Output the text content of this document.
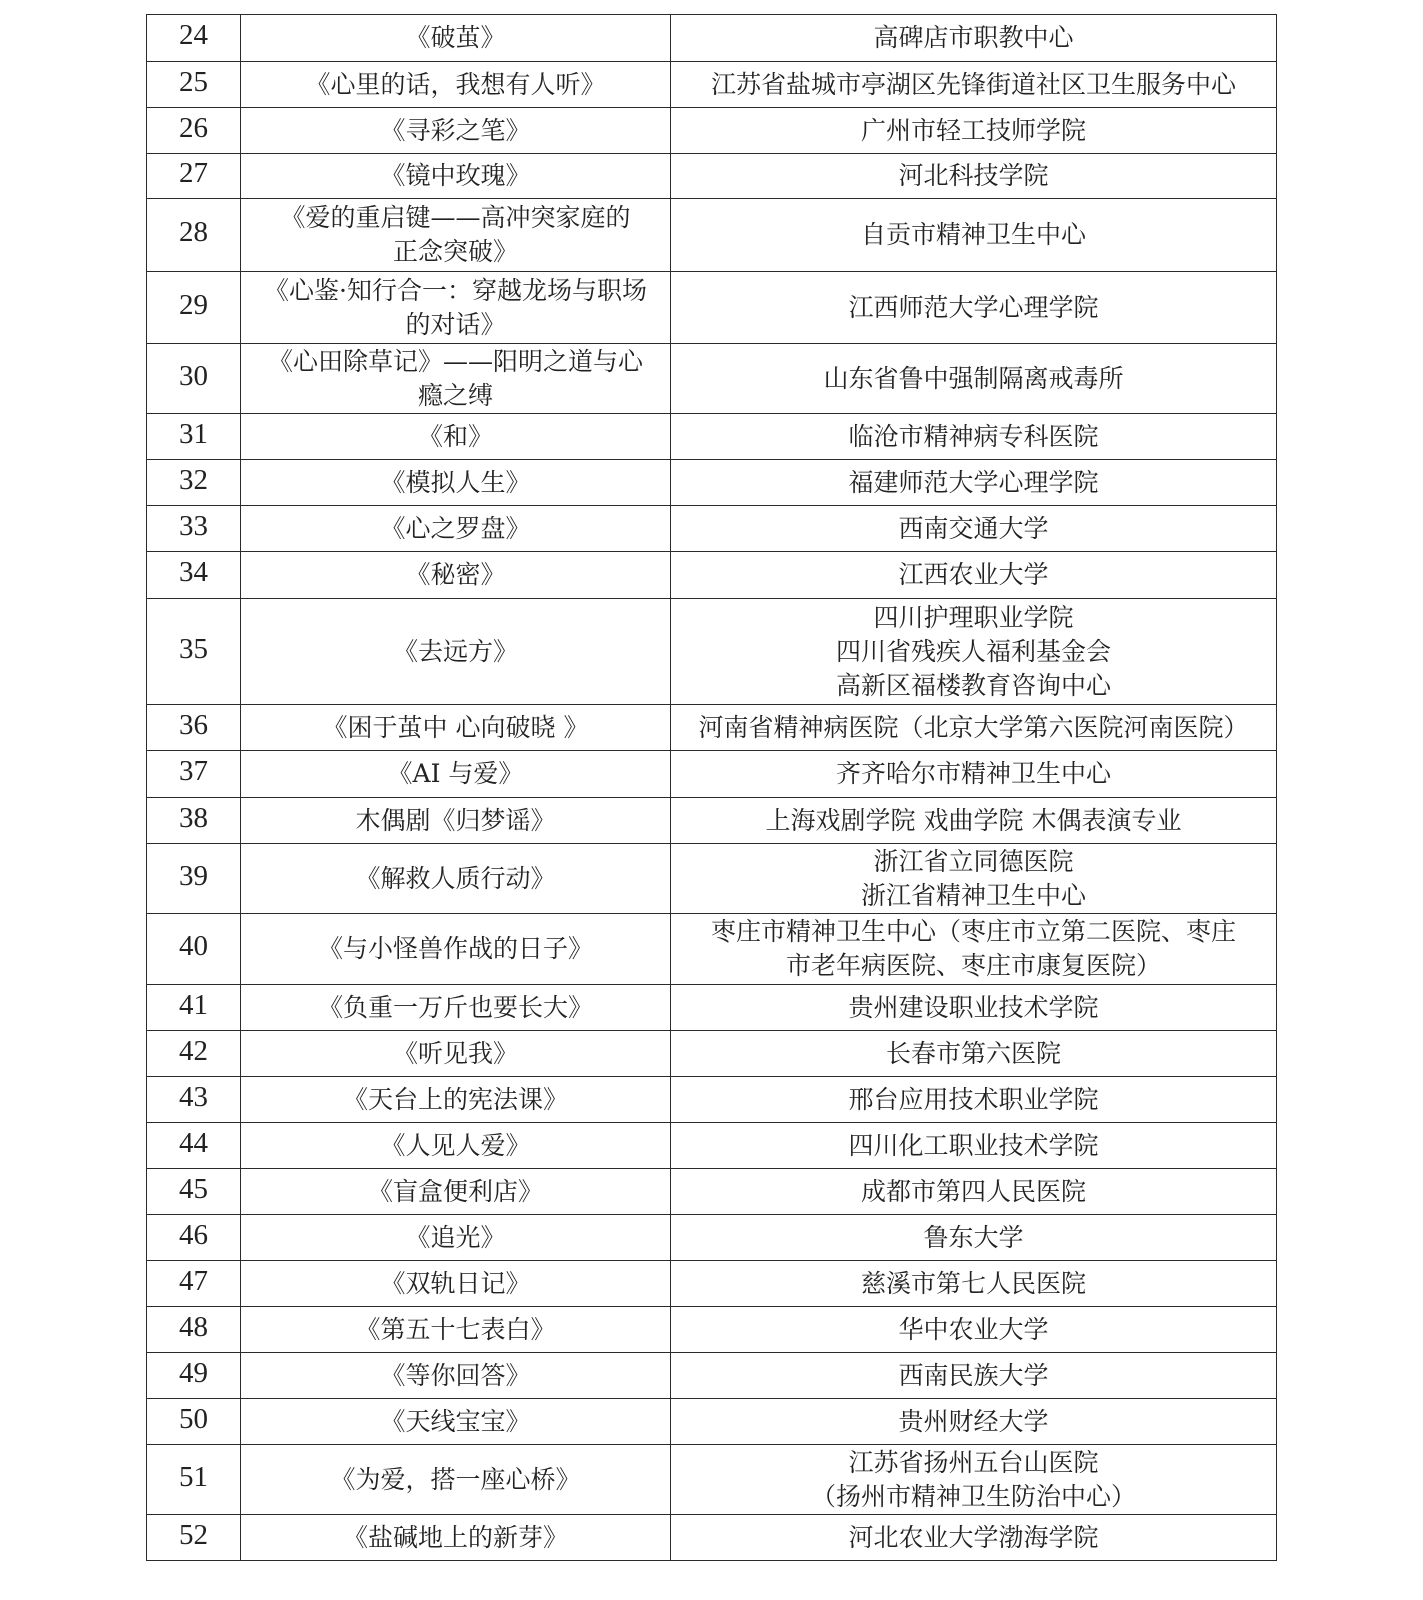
24	《破茧》	高碑店市职教中心
25	《心里的话，我想有人听》	江苏省盐城市亭湖区先锋街道社区卫生服务中心
26	《寻彩之笔》	广州市轻工技师学院
27	《镜中玫瑰》	河北科技学院
28	《爱的重启键——高冲突家庭的
正念突破》	自贡市精神卫生中心
29	《心鉴·知行合一：穿越龙场与职场
的对话》	江西师范大学心理学院
30	《心田除草记》——阳明之道与心
瘾之缚	山东省鲁中强制隔离戒毒所
31	《和》	临沧市精神病专科医院
32	《模拟人生》	福建师范大学心理学院
33	《心之罗盘》	西南交通大学
34	《秘密》	江西农业大学
35	《去远方》	四川护理职业学院
四川省残疾人福利基金会
高新区福楼教育咨询中心
36	《困于茧中 心向破晓 》	河南省精神病医院（北京大学第六医院河南医院）
37	《AI 与爱》	齐齐哈尔市精神卫生中心
38	木偶剧《归梦谣》	上海戏剧学院 戏曲学院 木偶表演专业
39	《解救人质行动》	浙江省立同德医院
浙江省精神卫生中心
40	《与小怪兽作战的日子》	枣庄市精神卫生中心（枣庄市立第二医院、枣庄
市老年病医院、枣庄市康复医院）
41	《负重一万斤也要长大》	贵州建设职业技术学院
42	《听见我》	长春市第六医院
43	《天台上的宪法课》	邢台应用技术职业学院
44	《人见人爱》	四川化工职业技术学院
45	《盲盒便利店》	成都市第四人民医院
46	《追光》	鲁东大学
47	《双轨日记》	慈溪市第七人民医院
48	《第五十七表白》	华中农业大学
49	《等你回答》	西南民族大学
50	《天线宝宝》	贵州财经大学
51	《为爱，搭一座心桥》	江苏省扬州五台山医院
（扬州市精神卫生防治中心）
52	《盐碱地上的新芽》	河北农业大学渤海学院
